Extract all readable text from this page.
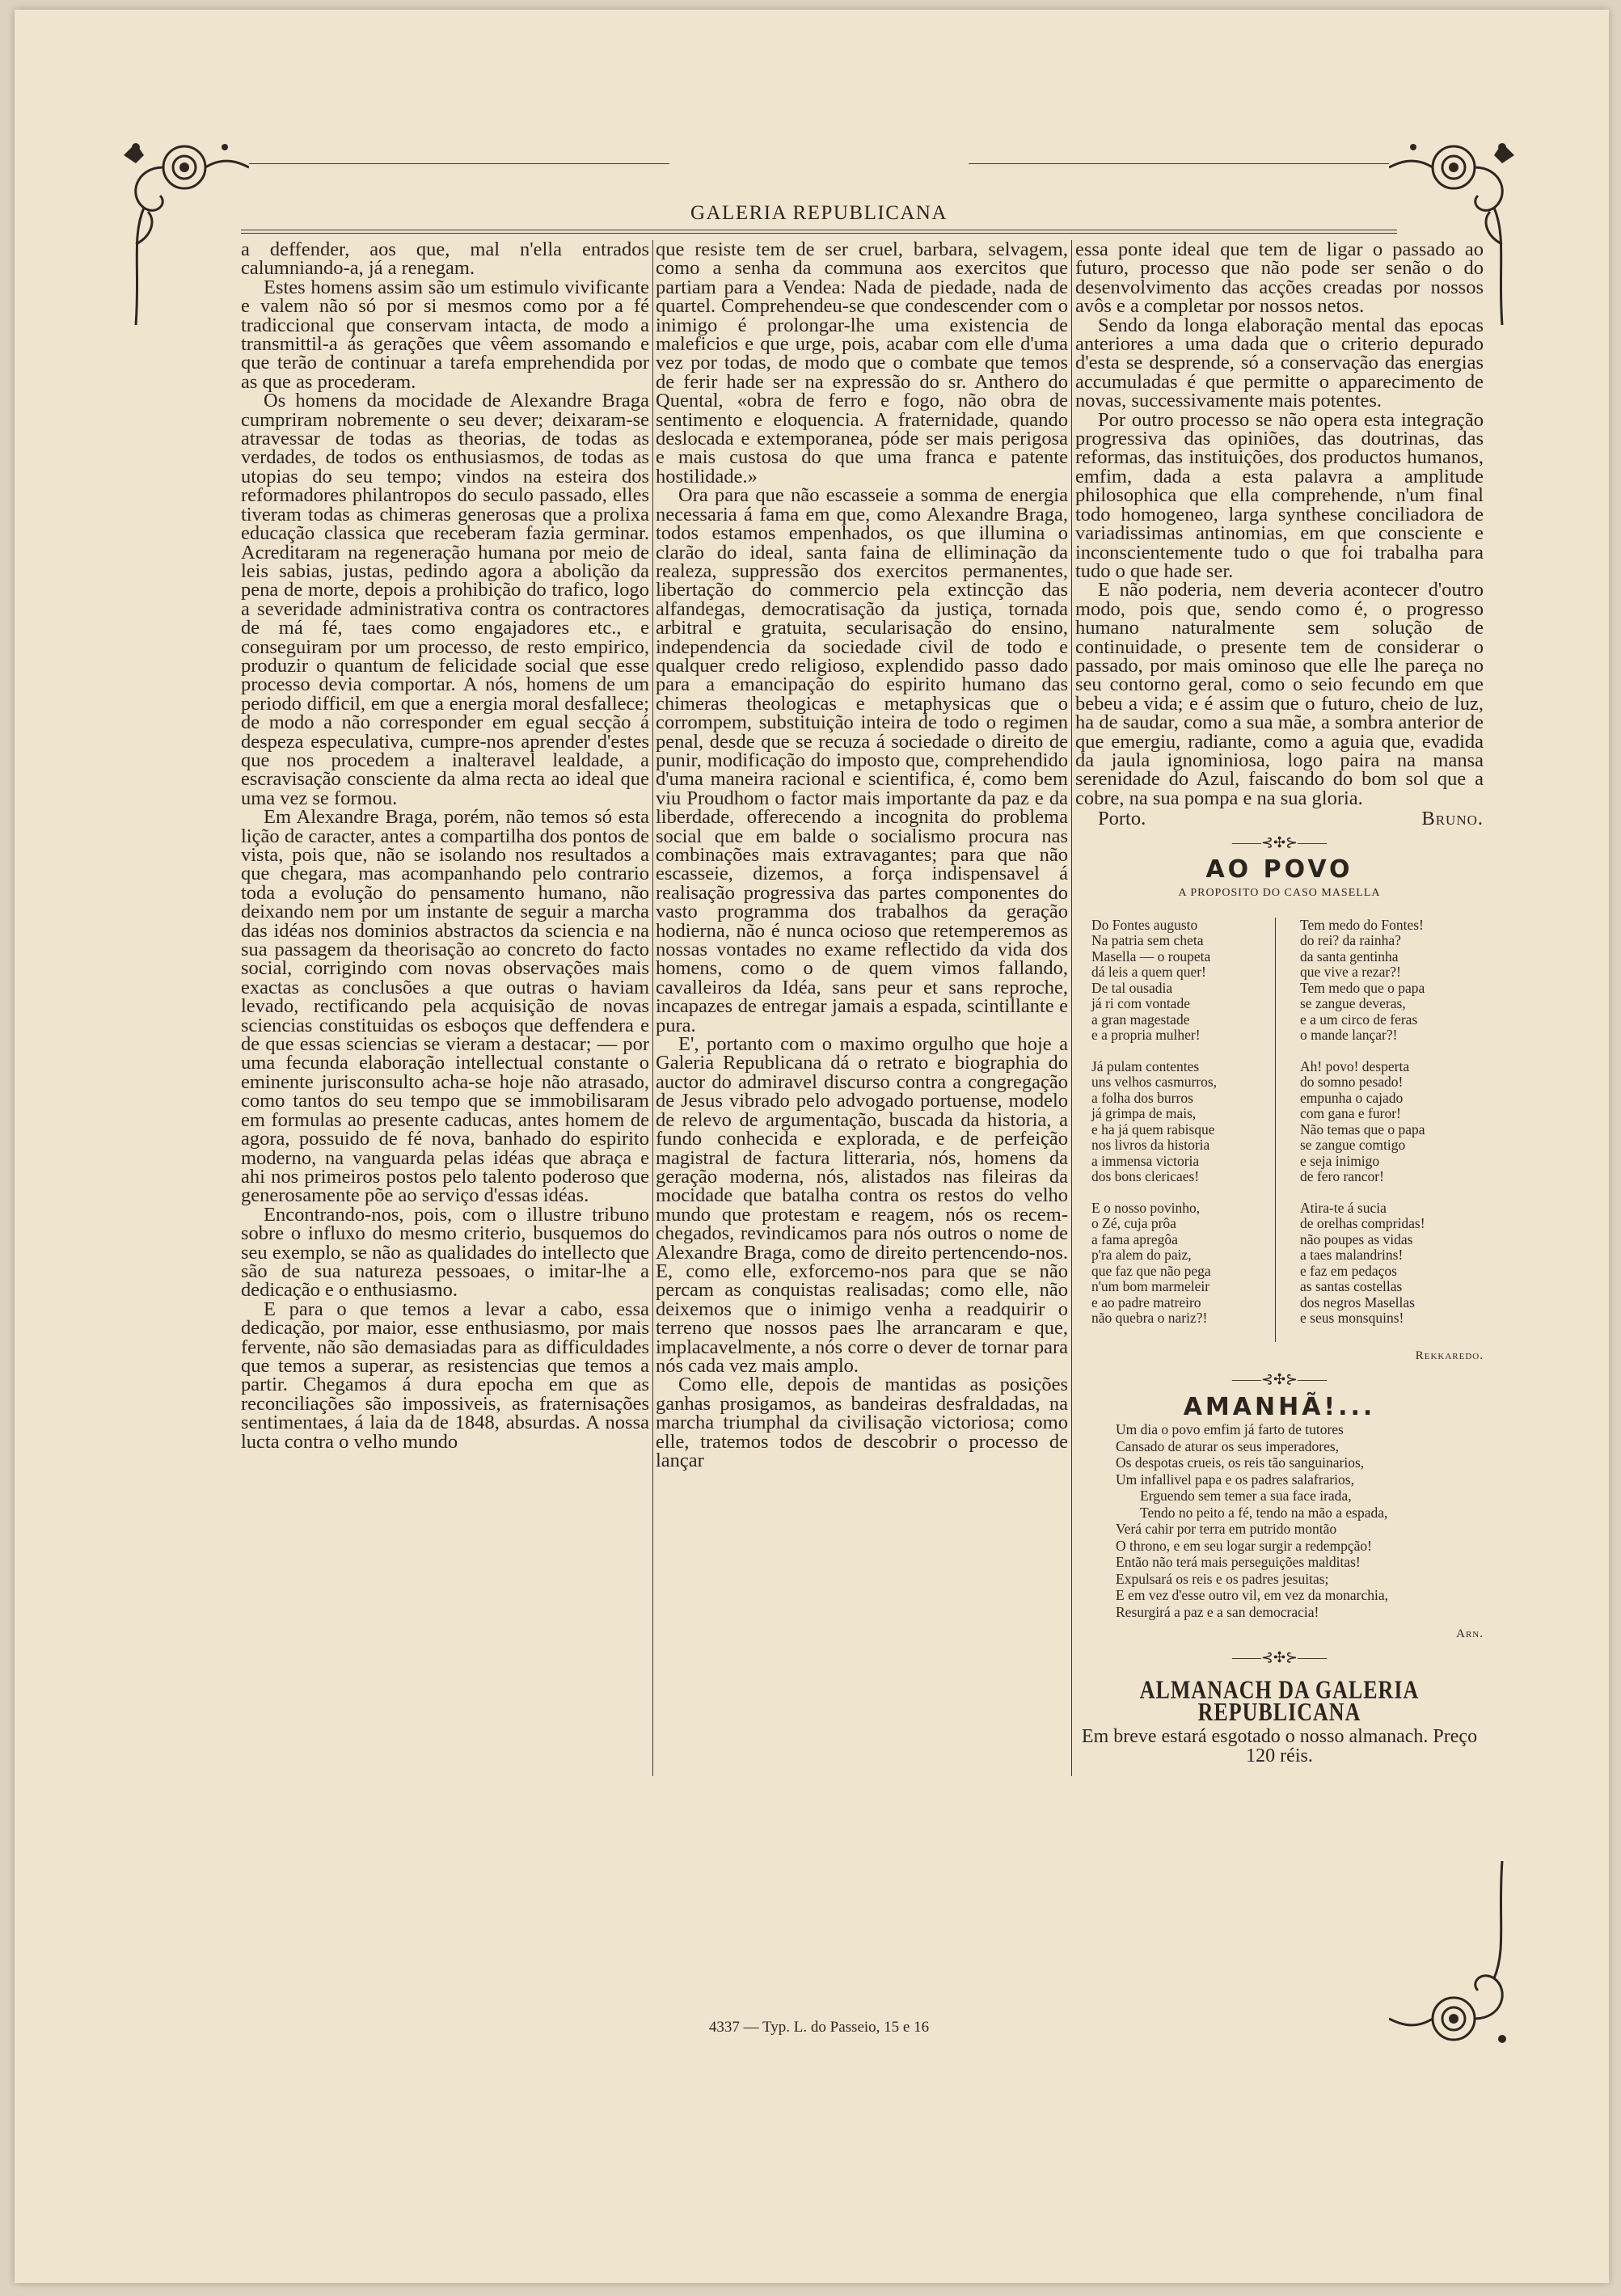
GALERIA REPUBLICANA

a deffender, aos que, mal n'ella entrados calumniando-a, já a renegam.

Estes homens assim são um estimulo vivificante e valem não só por si mesmos como por a fé tradiccional que conservam intacta, de modo a transmittil-a ás gerações que vêem assomando e que terão de continuar a tarefa emprehendida por as que as procederam.

Os homens da mocidade de Alexandre Braga cumpriram nobremente o seu dever; deixaram-se atravessar de todas as theorias, de todas as verdades, de todos os enthusiasmos, de todas as utopias do seu tempo; vindos na esteira dos reformadores philantropos do seculo passado, elles tiveram todas as chimeras generosas que a prolixa educação classica que receberam fazia germinar. Acreditaram na regeneração humana por meio de leis sabias, justas, pedindo agora a abolição da pena de morte, depois a prohibição do trafico, logo a severidade administrativa contra os contractores de má fé, taes como engajadores etc., e conseguiram por um processo, de resto empirico, produzir o quantum de felicidade social que esse processo devia comportar. A nós, homens de um periodo difficil, em que a energia moral desfallece; de modo a não corresponder em egual secção á despeza especulativa, cumpre-nos aprender d'estes que nos procedem a inalteravel lealdade, a escravisação consciente da alma recta ao ideal que uma vez se formou.

Em Alexandre Braga, porém, não temos só esta lição de caracter, antes a compartilha dos pontos de vista, pois que, não se isolando nos resultados a que chegara, mas acompanhando pelo contrario toda a evolução do pensamento humano, não deixando nem por um instante de seguir a marcha das idéas nos dominios abstractos da sciencia e na sua passagem da theorisação ao concreto do facto social, corrigindo com novas observações mais exactas as conclusões a que outras o haviam levado, rectificando pela acquisição de novas sciencias constituidas os esboços que deffendera e de que essas sciencias se vieram a destacar; — por uma fecunda elaboração intellectual constante o eminente jurisconsulto acha-se hoje não atrasado, como tantos do seu tempo que se immobilisaram em formulas ao presente caducas, antes homem de agora, possuido de fé nova, banhado do espirito moderno, na vanguarda pelas idéas que abraça e ahi nos primeiros postos pelo talento poderoso que generosamente põe ao serviço d'essas idéas.

Encontrando-nos, pois, com o illustre tribuno sobre o influxo do mesmo criterio, busquemos do seu exemplo, se não as qualidades do intellecto que são de sua natureza pessoaes, o imitar-lhe a dedicação e o enthusiasmo.

E para o que temos a levar a cabo, essa dedicação, por maior, esse enthusiasmo, por mais fervente, não são demasiadas para as difficuldades que temos a superar, as resistencias que temos a partir. Chegamos á dura epocha em que as reconciliações são impossiveis, as fraternisações sentimentaes, á laia da de 1848, absurdas. A nossa lucta contra o velho mundo

que resiste tem de ser cruel, barbara, selvagem, como a senha da communa aos exercitos que partiam para a Vendea: Nada de piedade, nada de quartel. Comprehendeu-se que condescender com o inimigo é prolongar-lhe uma existencia de maleficios e que urge, pois, acabar com elle d'uma vez por todas, de modo que o combate que temos de ferir hade ser na expressão do sr. Anthero do Quental, «obra de ferro e fogo, não obra de sentimento e eloquencia. A fraternidade, quando deslocada e extemporanea, póde ser mais perigosa e mais custosa do que uma franca e patente hostilidade.»

Ora para que não escasseie a somma de energia necessaria á fama em que, como Alexandre Braga, todos estamos empenhados, os que illumina o clarão do ideal, santa faina de elliminação da realeza, suppressão dos exercitos permanentes, libertação do commercio pela extincção das alfandegas, democratisação da justiça, tornada arbitral e gratuita, secularisação do ensino, independencia da sociedade civil de todo e qualquer credo religioso, explendido passo dado para a emancipação do espirito humano das chimeras theologicas e metaphysicas que o corrompem, substituição inteira de todo o regimen penal, desde que se recuza á sociedade o direito de punir, modificação do imposto que, comprehendido d'uma maneira racional e scientifica, é, como bem viu Proudhom o factor mais importante da paz e da liberdade, offerecendo a incognita do problema social que em balde o socialismo procura nas combinações mais extravagantes; para que não escasseie, dizemos, a força indispensavel á realisação progressiva das partes componentes do vasto programma dos trabalhos da geração hodierna, não é nunca ocioso que retemperemos as nossas vontades no exame reflectido da vida dos homens, como o de quem vimos fallando, cavalleiros da Idéa, sans peur et sans reproche, incapazes de entregar jamais a espada, scintillante e pura.

E', portanto com o maximo orgulho que hoje a Galeria Republicana dá o retrato e biographia do auctor do admiravel discurso contra a congregação de Jesus vibrado pelo advogado portuense, modelo de relevo de argumentação, buscada da historia, a fundo conhecida e explorada, e de perfeição magistral de factura litteraria, nós, homens da geração moderna, nós, alistados nas fileiras da mocidade que batalha contra os restos do velho mundo que protestam e reagem, nós os recem-chegados, revindicamos para nós outros o nome de Alexandre Braga, como de direito pertencendo-nos. E, como elle, exforcemo-nos para que se não percam as conquistas realisadas; como elle, não deixemos que o inimigo venha a readquirir o terreno que nossos paes lhe arrancaram e que, implacavelmente, a nós corre o dever de tornar para nós cada vez mais amplo.

Como elle, depois de mantidas as posições ganhas prosigamos, as bandeiras desfraldadas, na marcha triumphal da civilisação victoriosa; como elle, tratemos todos de descobrir o processo de lançar

essa ponte ideal que tem de ligar o passado ao futuro, processo que não pode ser senão o do desenvolvimento das acções creadas por nossos avôs e a completar por nossos netos.

Sendo da longa elaboração mental das epocas anteriores a uma dada que o criterio depurado d'esta se desprende, só a conservação das energias accumuladas é que permitte o apparecimento de novas, successivamente mais potentes.

Por outro processo se não opera esta integração progressiva das opiniões, das doutrinas, das reformas, das instituições, dos productos humanos, emfim, dada a esta palavra a amplitude philosophica que ella comprehende, n'um final todo homogeneo, larga synthese conciliadora de variadissimas antinomias, em que consciente e inconscientemente tudo o que foi trabalha para tudo o que hade ser.

E não poderia, nem deveria acontecer d'outro modo, pois que, sendo como é, o progresso humano naturalmente sem solução de continuidade, o presente tem de considerar o passado, por mais ominoso que elle lhe pareça no seu contorno geral, como o seio fecundo em que bebeu a vida; e é assim que o futuro, cheio de luz, ha de saudar, como a sua mãe, a sombra anterior de que emergiu, radiante, como a aguia que, evadida da jaula ignominiosa, logo paira na mansa serenidade do Azul, faiscando do bom sol que a cobre, na sua pompa e na sua gloria.

Porto.	Bruno.
——⊰✣⊱——
AO POVO
A PROPOSITO DO CASO MASELLA
Do Fontes augusto
Na patria sem cheta
Masella — o roupeta
dá leis a quem quer!
De tal ousadia
já ri com vontade
a gran magestade
e a propria mulher!
Já pulam contentes
uns velhos casmurros,
a folha dos burros
já grimpa de mais,
e ha já quem rabisque
nos livros da historia
a immensa victoria
dos bons clericaes!
E o nosso povinho,
o Zé, cuja prôa
a fama apregôa
p'ra alem do paiz,
que faz que não pega
n'um bom marmeleir
e ao padre matreiro
não quebra o nariz?!
Tem medo do Fontes!
do rei? da rainha?
da santa gentinha
que vive a rezar?!
Tem medo que o papa
se zangue deveras,
e a um circo de feras
o mande lançar?!
Ah! povo! desperta
do somno pesado!
empunha o cajado
com gana e furor!
Não temas que o papa
se zangue comtigo
e seja inimigo
de fero rancor!
Atira-te á sucia
de orelhas compridas!
não poupes as vidas
a taes malandrins!
e faz em pedaços
as santas costellas
dos negros Masellas
e seus monsquins!
Rekkaredo.
——⊰✣⊱——
AMANHÃ!...
Um dia o povo emfim já farto de tutores
Cansado de aturar os seus imperadores,
Os despotas crueis, os reis tão sanguinarios,
Um infallivel papa e os padres salafrarios,
Erguendo sem temer a sua face irada,
Tendo no peito a fé, tendo na mão a espada,
Verá cahir por terra em putrido montão
O throno, e em seu logar surgir a redempção!
Então não terá mais perseguições malditas!
Expulsará os reis e os padres jesuitas;
E em vez d'esse outro vil, em vez da monarchia,
Resurgirá a paz e a san democracia!
Arn.
——⊰✣⊱——
ALMANACH DA GALERIA REPUBLICANA
Em breve estará esgotado o nosso almanach. Preço 120 réis.
4337 — Typ. L. do Passeio, 15 e 16
